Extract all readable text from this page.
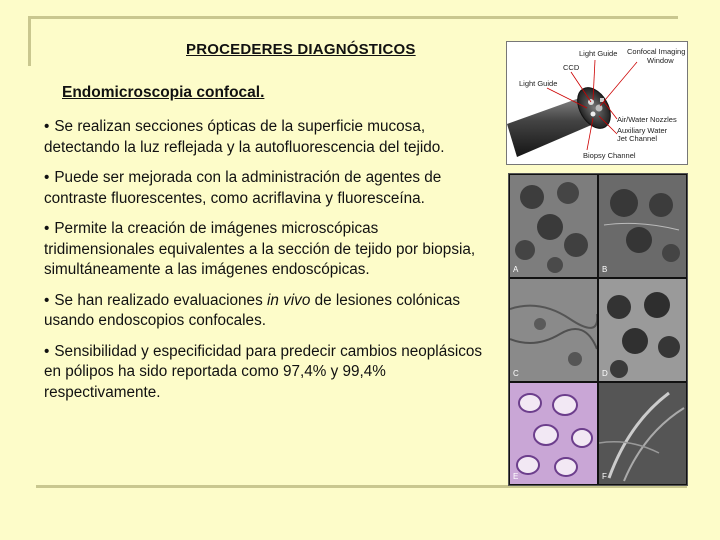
PROCEDERES DIAGNÓSTICOS
Endomicroscopia confocal.
• Se realizan secciones ópticas de la superficie mucosa, detectando la luz reflejada y la autofluorescencia del tejido.
• Puede ser mejorada con la administración de agentes de contraste fluorescentes, como acriflavina y fluoresceína.
• Permite la creación de imágenes microscópicas tridimensionales equivalentes a la sección de tejido por biopsia, simultáneamente a las imágenes endoscópicas.
• Se han realizado evaluaciones in vivo de lesiones colónicas usando endoscopios confocales.
• Sensibilidad y especificidad para predecir cambios neoplásicos en pólipos ha sido reportada como 97,4% y 99,4% respectivamente.
Light Guide Confocal Imaging Window
CCD
Light Guide
Air/Water Nozzles
Auxiliary Water Jet Channel
Biopsy Channel
A	B
C	D
E	F
